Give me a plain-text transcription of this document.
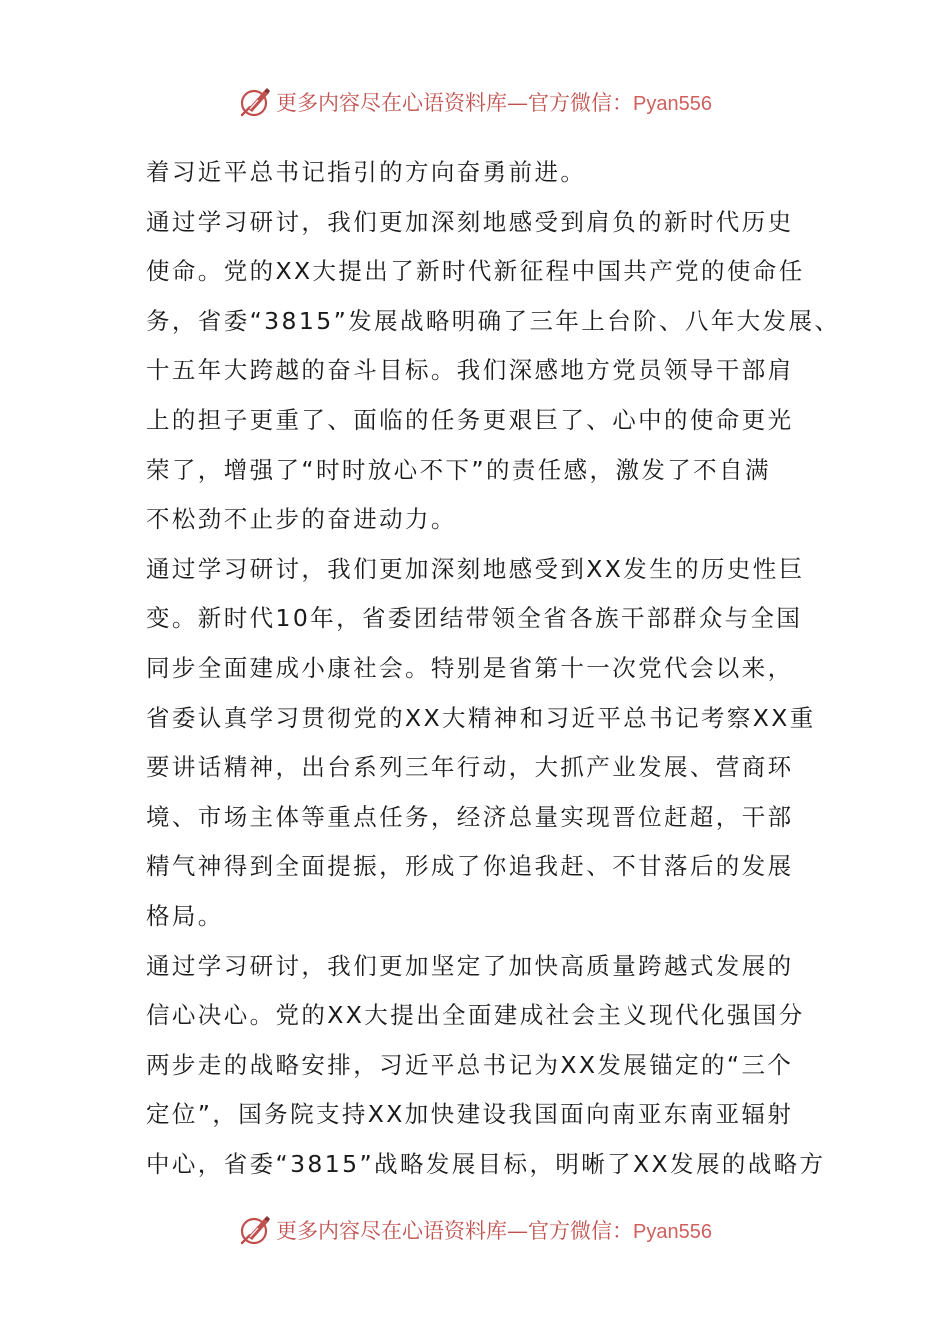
更多内容尽在心语资料库—官方微信：Pyan556
着习近平总书记指引的方向奋勇前进。
通过学习研讨，我们更加深刻地感受到肩负的新时代历史
使命。党的XX大提出了新时代新征程中国共产党的使命任
务，省委“3815”发展战略明确了三年上台阶、八年大发展、
十五年大跨越的奋斗目标。我们深感地方党员领导干部肩
上的担子更重了、面临的任务更艰巨了、心中的使命更光
荣了，增强了“时时放心不下”的责任感，激发了不自满
不松劲不止步的奋进动力。
通过学习研讨，我们更加深刻地感受到XX发生的历史性巨
变。新时代10年，省委团结带领全省各族干部群众与全国
同步全面建成小康社会。特别是省第十一次党代会以来，
省委认真学习贯彻党的XX大精神和习近平总书记考察XX重
要讲话精神，出台系列三年行动，大抓产业发展、营商环
境、市场主体等重点任务，经济总量实现晋位赶超，干部
精气神得到全面提振，形成了你追我赶、不甘落后的发展
格局。
通过学习研讨，我们更加坚定了加快高质量跨越式发展的
信心决心。党的XX大提出全面建成社会主义现代化强国分
两步走的战略安排，习近平总书记为XX发展锚定的“三个
定位”，国务院支持XX加快建设我国面向南亚东南亚辐射
中心，省委“3815”战略发展目标，明晰了XX发展的战略方
更多内容尽在心语资料库—官方微信：Pyan556
